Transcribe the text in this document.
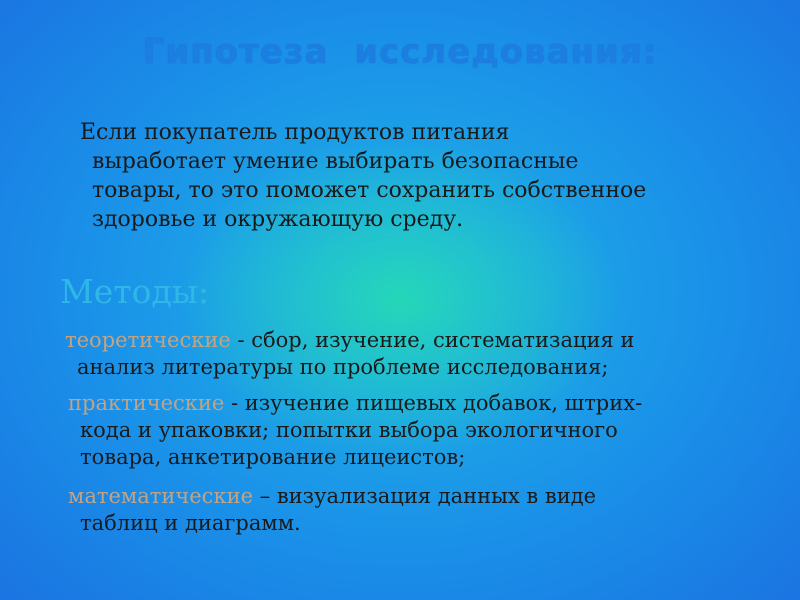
Гипотеза  исследования:
Если покупатель продуктов питания
выработает умение выбирать безопасные
товары, то это поможет сохранить собственное
здоровье и окружающую среду.
Методы:
теоретические - сбор, изучение, систематизация и
анализ литературы по проблеме исследования;
практические - изучение пищевых добавок, штрих-
кода и упаковки; попытки выбора экологичного
товара, анкетирование лицеистов;
математические – визуализация данных в виде
таблиц и диаграмм.
